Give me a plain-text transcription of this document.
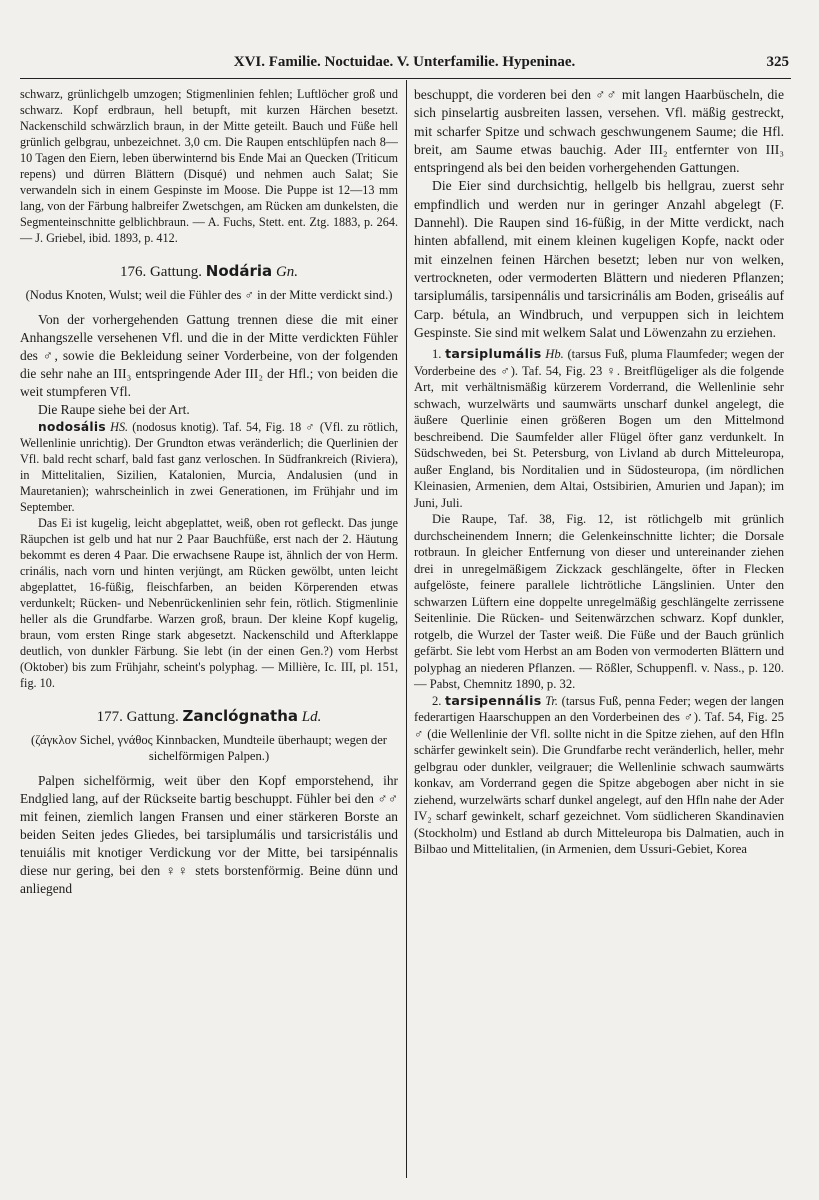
XVI. Familie. Noctuidae. V. Unterfamilie. Hypeninae.	325

schwarz, grünlichgelb umzogen; Stigmenlinien fehlen; Luftlöcher groß und schwarz. Kopf erdbraun, hell betupft, mit kurzen Härchen besetzt. Nackenschild schwärzlich braun, in der Mitte geteilt. Bauch und Füße hell grünlich gelbgrau, unbezeichnet. 3,0 cm. Die Raupen entschlüpfen nach 8—10 Tagen den Eiern, leben überwinternd bis Ende Mai an Quecken (Triticum repens) und dürren Blättern (Disqué) und nehmen auch Salat; Sie verwandeln sich in einem Gespinste im Moose. Die Puppe ist 12—13 mm lang, von der Färbung halbreifer Zwetschgen, am Rücken am dunkelsten, die Segmenteinschnitte gelblichbraun. — A. Fuchs, Stett. ent. Ztg. 1883, p. 264. — J. Griebel, ibid. 1893, p. 412.

176. Gattung. Nodária Gn.

(Nodus Knoten, Wulst; weil die Fühler des ♂ in der Mitte verdickt sind.)

Von der vorhergehenden Gattung trennen diese die mit einer Anhangszelle versehenen Vfl. und die in der Mitte verdickten Fühler des ♂, sowie die Bekleidung seiner Vorderbeine, von der folgenden die sehr nahe an III₃ entspringende Ader III₂ der Hfl.; von beiden die weit stumpferen Vfl.

Die Raupe siehe bei der Art.

nodosális HS. (nodosus knotig). Taf. 54, Fig. 18 ♂ (Vfl. zu rötlich, Wellenlinie unrichtig). Der Grundton etwas veränderlich; die Querlinien der Vfl. bald recht scharf, bald fast ganz verloschen. In Südfrankreich (Riviera), in Mittelitalien, Sizilien, Katalonien, Murcia, Andalusien (und in Mauretanien); wahrscheinlich in zwei Generationen, im Frühjahr und im September.

Das Ei ist kugelig, leicht abgeplattet, weiß, oben rot gefleckt. Das junge Räupchen ist gelb und hat nur 2 Paar Bauchfüße, erst nach der 2. Häutung bekommt es deren 4 Paar. Die erwachsene Raupe ist, ähnlich der von Herm. crinális, nach vorn und hinten verjüngt, am Rücken gewölbt, unten leicht abgeplattet, 16-füßig, fleischfarben, an beiden Körperenden etwas verdunkelt; Rücken- und Nebenrückenlinien sehr fein, rötlich. Stigmenlinie heller als die Grundfarbe. Warzen groß, braun. Der kleine Kopf kugelig, braun, vom ersten Ringe stark abgesetzt. Nackenschild und Afterklappe deutlich, von dunkler Färbung. Sie lebt (in der einen Gen.?) vom Herbst (Oktober) bis zum Frühjahr, scheint's polyphag. — Millière, Ic. III, pl. 151, fig. 10.

177. Gattung. Zanclógnatha Ld.

(ζάγκλον Sichel, γνάθος Kinnbacken, Mundteile überhaupt; wegen der sichelförmigen Palpen.)

Palpen sichelförmig, weit über den Kopf emporstehend, ihr Endglied lang, auf der Rückseite bartig beschuppt. Fühler bei den ♂♂ mit feinen, ziemlich langen Fransen und einer stärkeren Borste an beiden Seiten jedes Gliedes, bei tarsiplumális und tarsicristális und tenuiális mit knotiger Verdickung vor der Mitte, bei tarsipénnalis diese nur gering, bei den ♀♀ stets borstenförmig. Beine dünn und anliegend

beschuppt, die vorderen bei den ♂♂ mit langen Haarbüscheln, die sich pinselartig ausbreiten lassen, versehen. Vfl. mäßig gestreckt, mit scharfer Spitze und schwach geschwungenem Saume; die Hfl. breit, am Saume etwas bauchig. Ader III₂ entfernter von III₃ entspringend als bei den beiden vorhergehenden Gattungen.

Die Eier sind durchsichtig, hellgelb bis hellgrau, zuerst sehr empfindlich und werden nur in geringer Anzahl abgelegt (F. Dannehl). Die Raupen sind 16-füßig, in der Mitte verdickt, nach hinten abfallend, mit einem kleinen kugeligen Kopfe, nackt oder mit einzelnen feinen Härchen besetzt; leben nur von welken, vertrockneten, oder vermoderten Blättern und niederen Pflanzen; tarsiplumális, tarsipennális und tarsicrinális am Boden, griseális auf Carp. bétula, an Windbruch, und verpuppen sich in leichtem Gespinste. Sie sind mit welkem Salat und Löwenzahn zu erziehen.

1. tarsiplumális Hb. (tarsus Fuß, pluma Flaumfeder; wegen der Vorderbeine des ♂). Taf. 54, Fig. 23 ♀. Breitflügeliger als die folgende Art, mit verhältnismäßig kürzerem Vorderrand, die Wellenlinie sehr schwach, wurzelwärts und saumwärts unscharf dunkel angelegt, die äußere Querlinie einen größeren Bogen um den Mittelmond beschreibend. Die Saumfelder aller Flügel öfter ganz verdunkelt. In Südschweden, bei St. Petersburg, von Livland ab durch Mitteleuropa, außer England, bis Norditalien und in Südosteuropa, (im nördlichen Kleinasien, Armenien, dem Altai, Ostsibirien, Amurien und Japan); im Juni, Juli.

Die Raupe, Taf. 38, Fig. 12, ist rötlichgelb mit grünlich durchscheinendem Innern; die Gelenkeinschnitte lichter; die Dorsale rotbraun. In gleicher Entfernung von dieser und untereinander ziehen drei in unregelmäßigem Zickzack geschlängelte, öfter in Flecken aufgelöste, feinere parallele lichtrötliche Längslinien. Unter den schwarzen Lüftern eine doppelte unregelmäßig geschlängelte zerrissene Seitenlinie. Die Rücken- und Seitenwärzchen schwarz. Kopf dunkler, rotgelb, die Wurzel der Taster weiß. Die Füße und der Bauch grünlich gefärbt. Sie lebt vom Herbst an am Boden von vermoderten Blättern und polyphag an niederen Pflanzen. — Rößler, Schuppenfl. v. Nass., p. 120. — Pabst, Chemnitz 1890, p. 32.

2. tarsipennális Tr. (tarsus Fuß, penna Feder; wegen der langen federartigen Haarschuppen an den Vorderbeinen des ♂). Taf. 54, Fig. 25 ♂ (die Wellenlinie der Vfl. sollte nicht in die Spitze ziehen, auf den Hfln schärfer gewinkelt sein). Die Grundfarbe recht veränderlich, heller, mehr gelbgrau oder dunkler, veilgrauer; die Wellenlinie schwach saumwärts konkav, am Vorderrand gegen die Spitze abgebogen aber nicht in sie ziehend, wurzelwärts scharf dunkel angelegt, auf den Hfln nahe der Ader IV₂ scharf gewinkelt, scharf gezeichnet. Vom südlicheren Skandinavien (Stockholm) und Estland ab durch Mitteleuropa bis Dalmatien, auch in Bilbao und Mittelitalien, (in Armenien, dem Ussuri-Gebiet, Korea
